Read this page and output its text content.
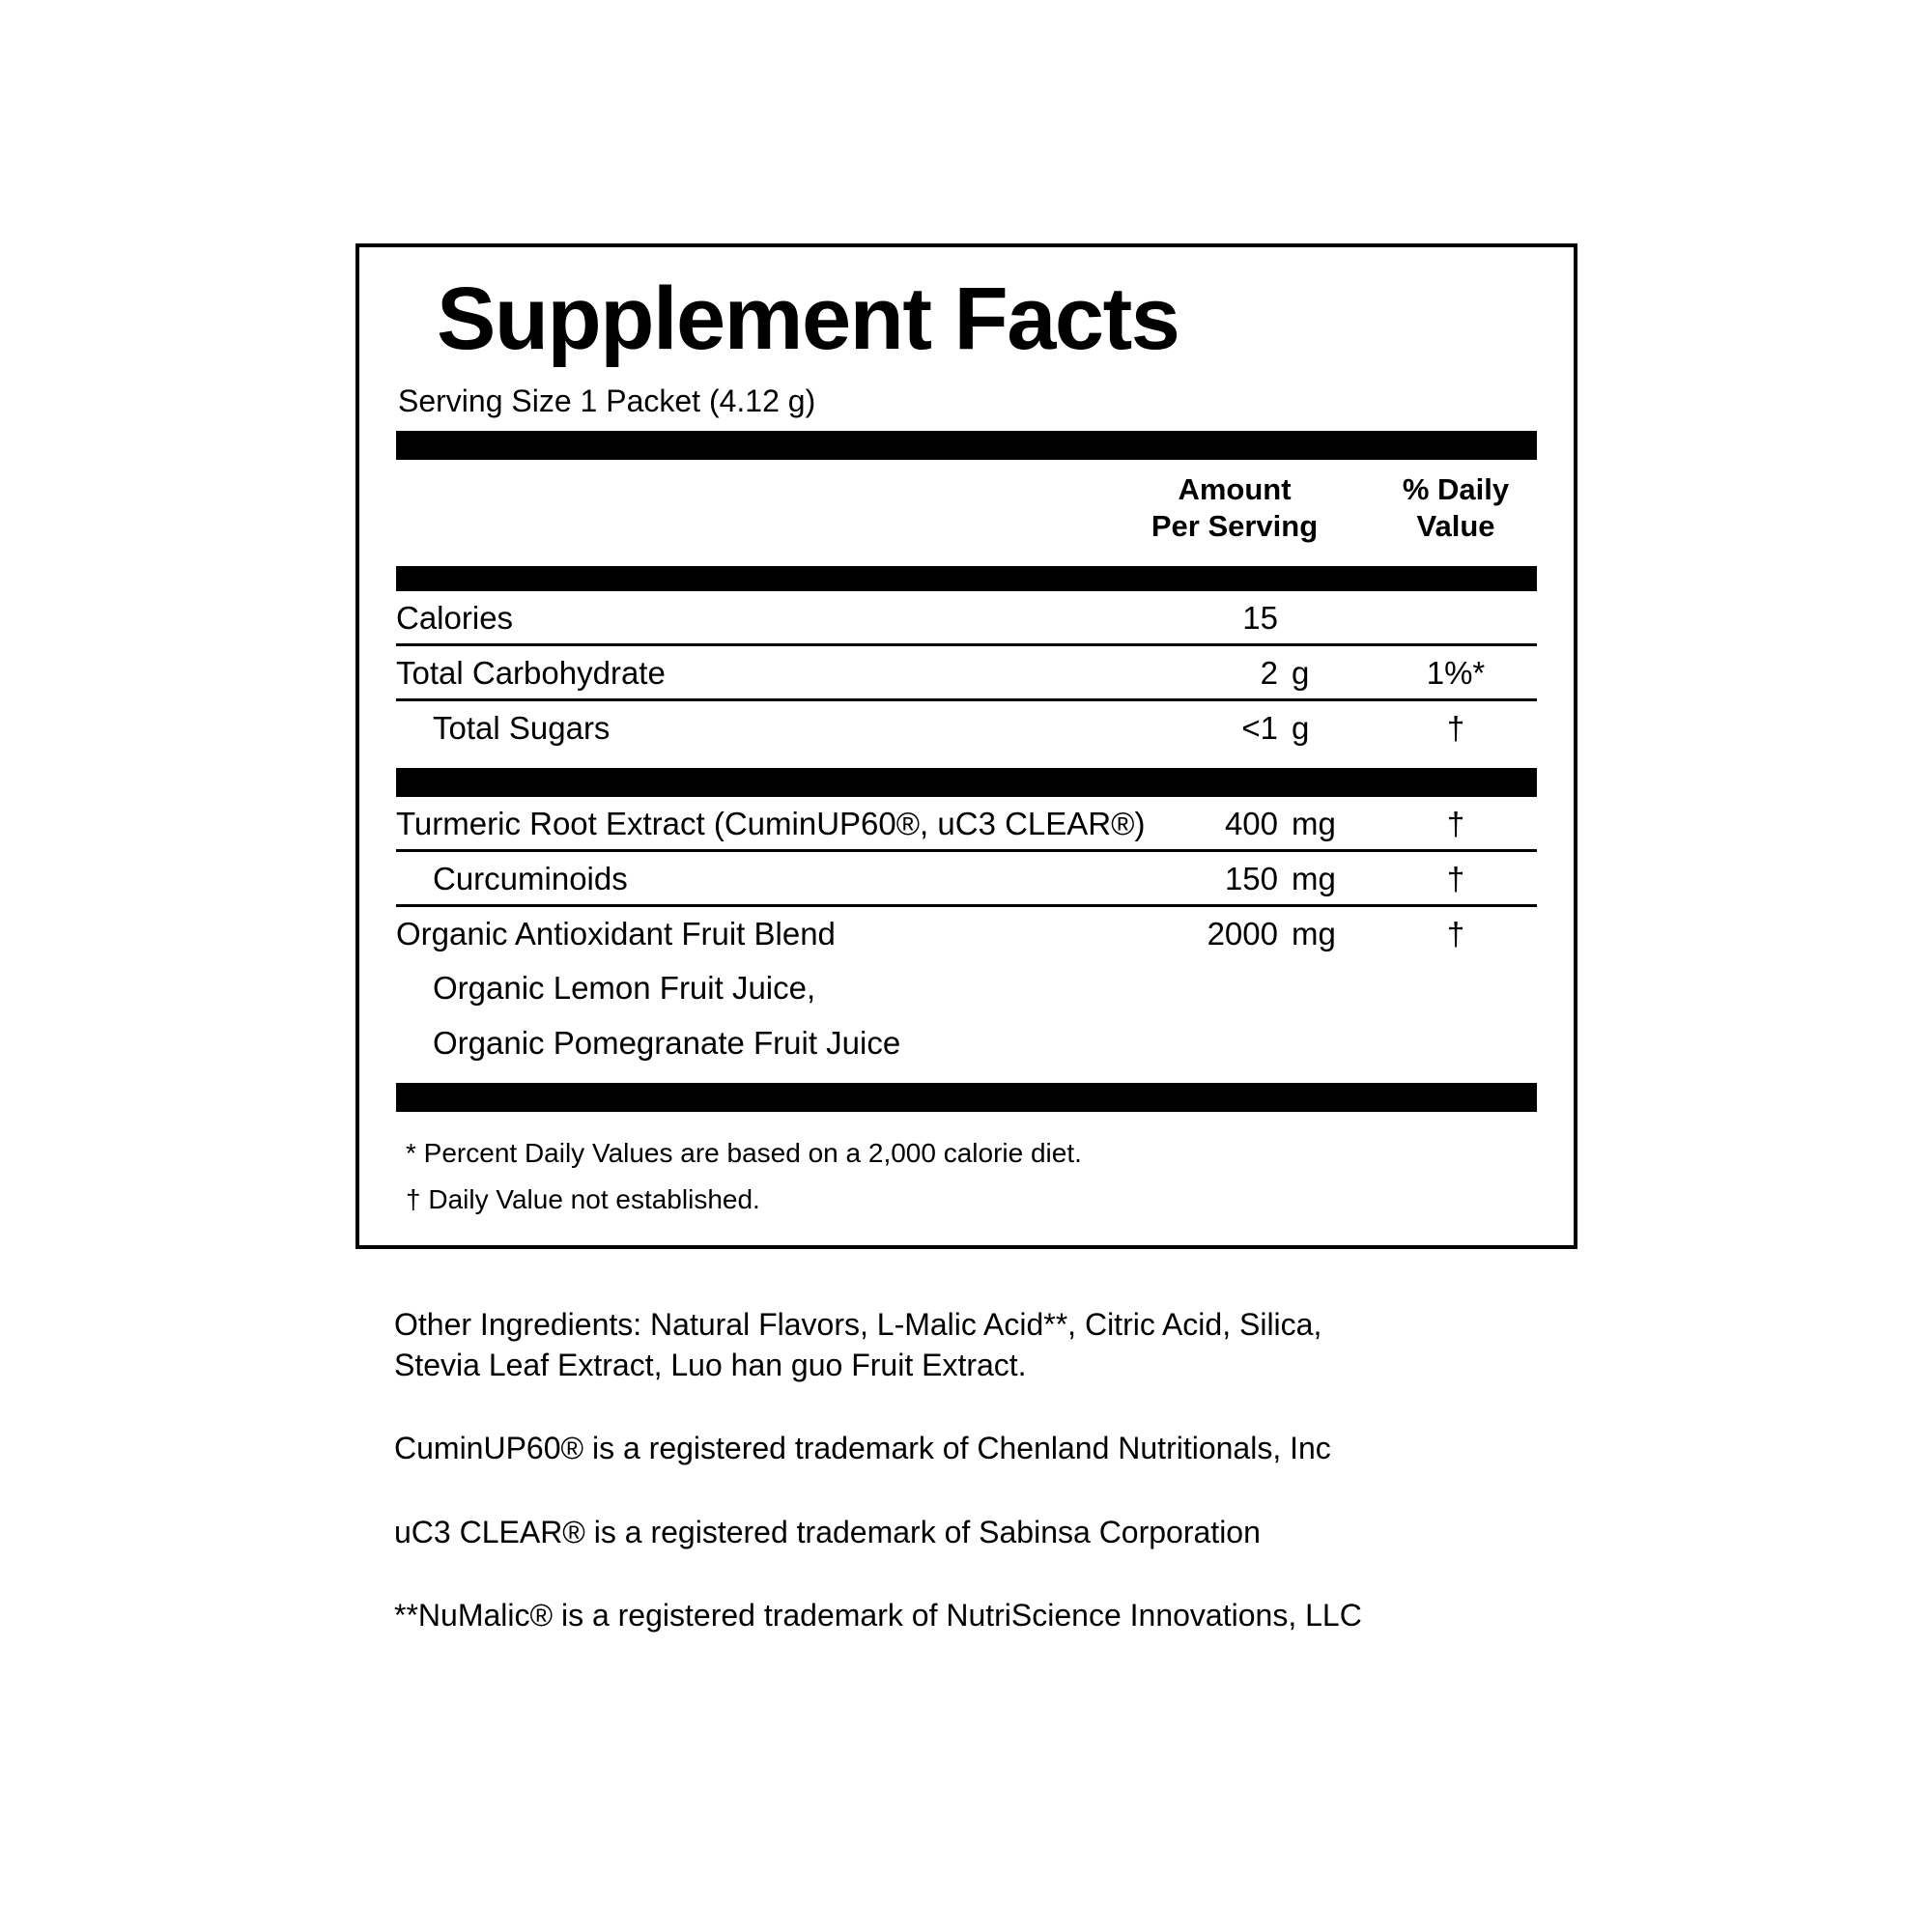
Supplement Facts
Serving Size 1 Packet (4.12 g)
Amount
Per Serving
% Daily
Value
Calories	15
Total Carbohydrate	2 g	1%*
Total Sugars	<1 g	†
Turmeric Root Extract (CuminUP60®, uC3 CLEAR®)	400 mg	†
Curcuminoids	150 mg	†
Organic Antioxidant Fruit Blend	2000 mg	†
Organic Lemon Fruit Juice,
Organic Pomegranate Fruit Juice
* Percent Daily Values are based on a 2,000 calorie diet.
† Daily Value not established.

Other Ingredients: Natural Flavors, L-Malic Acid**, Citric Acid, Silica,
Stevia Leaf Extract, Luo han guo Fruit Extract.

CuminUP60® is a registered trademark of Chenland Nutritionals, Inc

uC3 CLEAR® is a registered trademark of Sabinsa Corporation

**NuMalic® is a registered trademark of NutriScience Innovations, LLC
